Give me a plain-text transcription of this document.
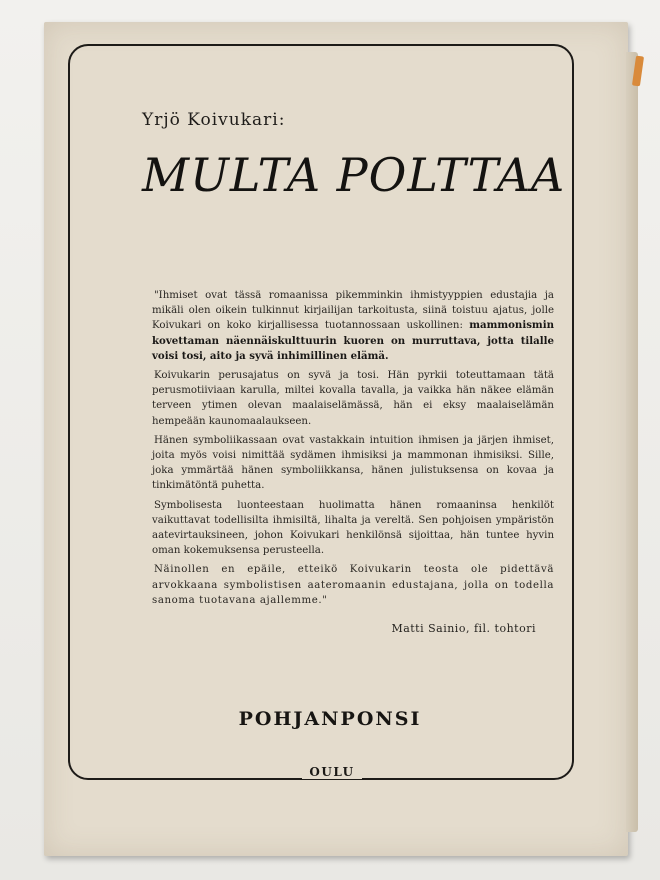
Yrjö Koivukari:
MULTA POLTTAA

"Ihmiset ovat tässä romaanissa pikemminkin ihmistyyppien edustajia ja mikäli olen oikein tulkinnut kirjailijan tarkoitusta, siinä toistuu ajatus, jolle Koivukari on koko kirjallisessa tuotannossaan uskollinen: mammonismin kovettaman näennäiskulttuurin kuoren on murruttava, jotta tilalle voisi tosi, aito ja syvä inhimillinen elämä.

Koivukarin perusajatus on syvä ja tosi. Hän pyrkii toteuttamaan tätä perusmotiiviaan karulla, miltei kovalla tavalla, ja vaikka hän näkee elämän terveen ytimen olevan maalaiselämässä, hän ei eksy maalaiselämän hempeään kaunomaalaukseen.

Hänen symboliikassaan ovat vastakkain intuition ihmisen ja järjen ihmiset, joita myös voisi nimittää sydämen ihmisiksi ja mammonan ihmisiksi. Sille, joka ymmärtää hänen symboliikkansa, hänen julistuksensa on kovaa ja tinkimätöntä puhetta.

Symbolisesta luonteestaan huolimatta hänen romaaninsa henkilöt vaikuttavat todellisilta ihmisiltä, lihalta ja vereltä. Sen pohjoisen ympäristön aatevirtauksineen, johon Koivukari henkilönsä sijoittaa, hän tuntee hyvin oman kokemuksensa perusteella.

Näinollen en epäile, etteikö Koivukarin teosta ole pidettävä arvokkaana symbolistisen aateromaanin edustajana, jolla on todella sanoma tuotavana ajallemme."

Matti Sainio, fil. tohtori
POHJANPONSI
OULU
